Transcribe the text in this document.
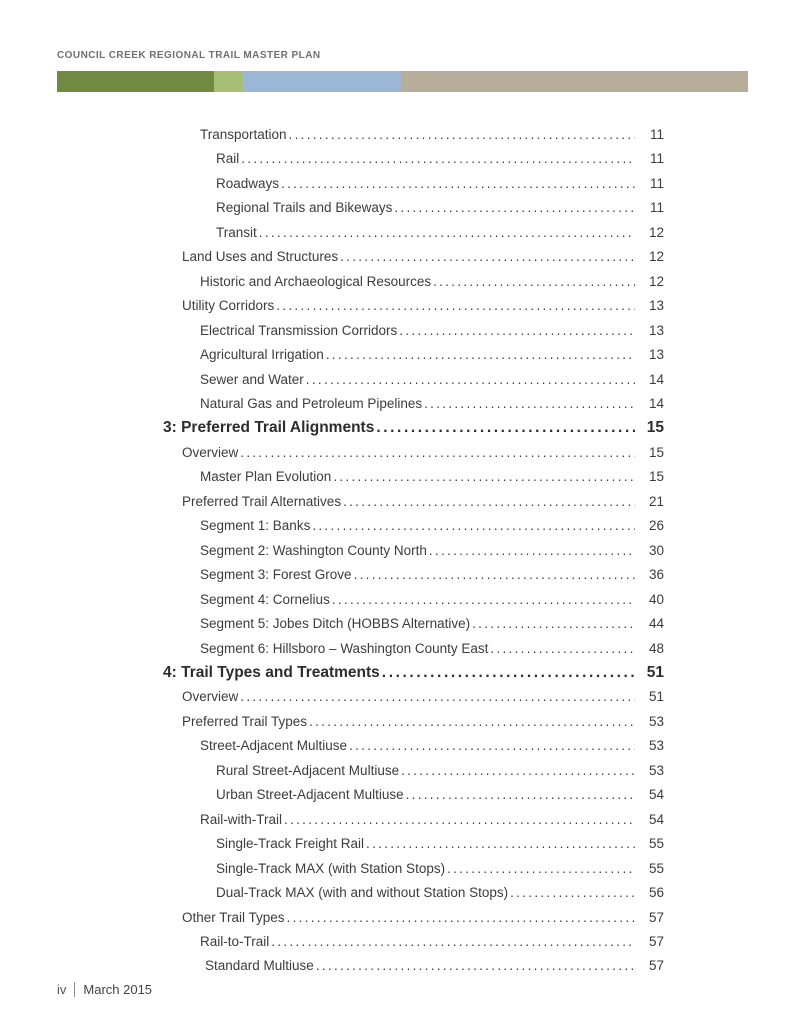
COUNCIL CREEK REGIONAL TRAIL MASTER PLAN
Transportation .....	11
Rail .....	11
Roadways .....	11
Regional Trails and Bikeways .....	11
Transit .....	12
Land Uses and Structures .....	12
Historic and Archaeological Resources .....	12
Utility Corridors .....	13
Electrical Transmission Corridors .....	13
Agricultural Irrigation .....	13
Sewer and Water .....	14
Natural Gas and Petroleum Pipelines .....	14
3: Preferred Trail Alignments .....	15
Overview .....	15
Master Plan Evolution .....	15
Preferred Trail Alternatives .....	21
Segment 1: Banks .....	26
Segment 2: Washington County North .....	30
Segment 3: Forest Grove .....	36
Segment 4: Cornelius .....	40
Segment 5: Jobes Ditch (HOBBS Alternative) .....	44
Segment 6: Hillsboro – Washington County East .....	48
4: Trail Types and Treatments .....	51
Overview .....	51
Preferred Trail Types .....	53
Street-Adjacent Multiuse .....	53
Rural Street-Adjacent Multiuse .....	53
Urban Street-Adjacent Multiuse .....	54
Rail-with-Trail .....	54
Single-Track Freight Rail .....	55
Single-Track MAX (with Station Stops) .....	55
Dual-Track MAX (with and without Station Stops) .....	56
Other Trail Types .....	57
Rail-to-Trail .....	57
Standard Multiuse .....	57
iv March 2015
